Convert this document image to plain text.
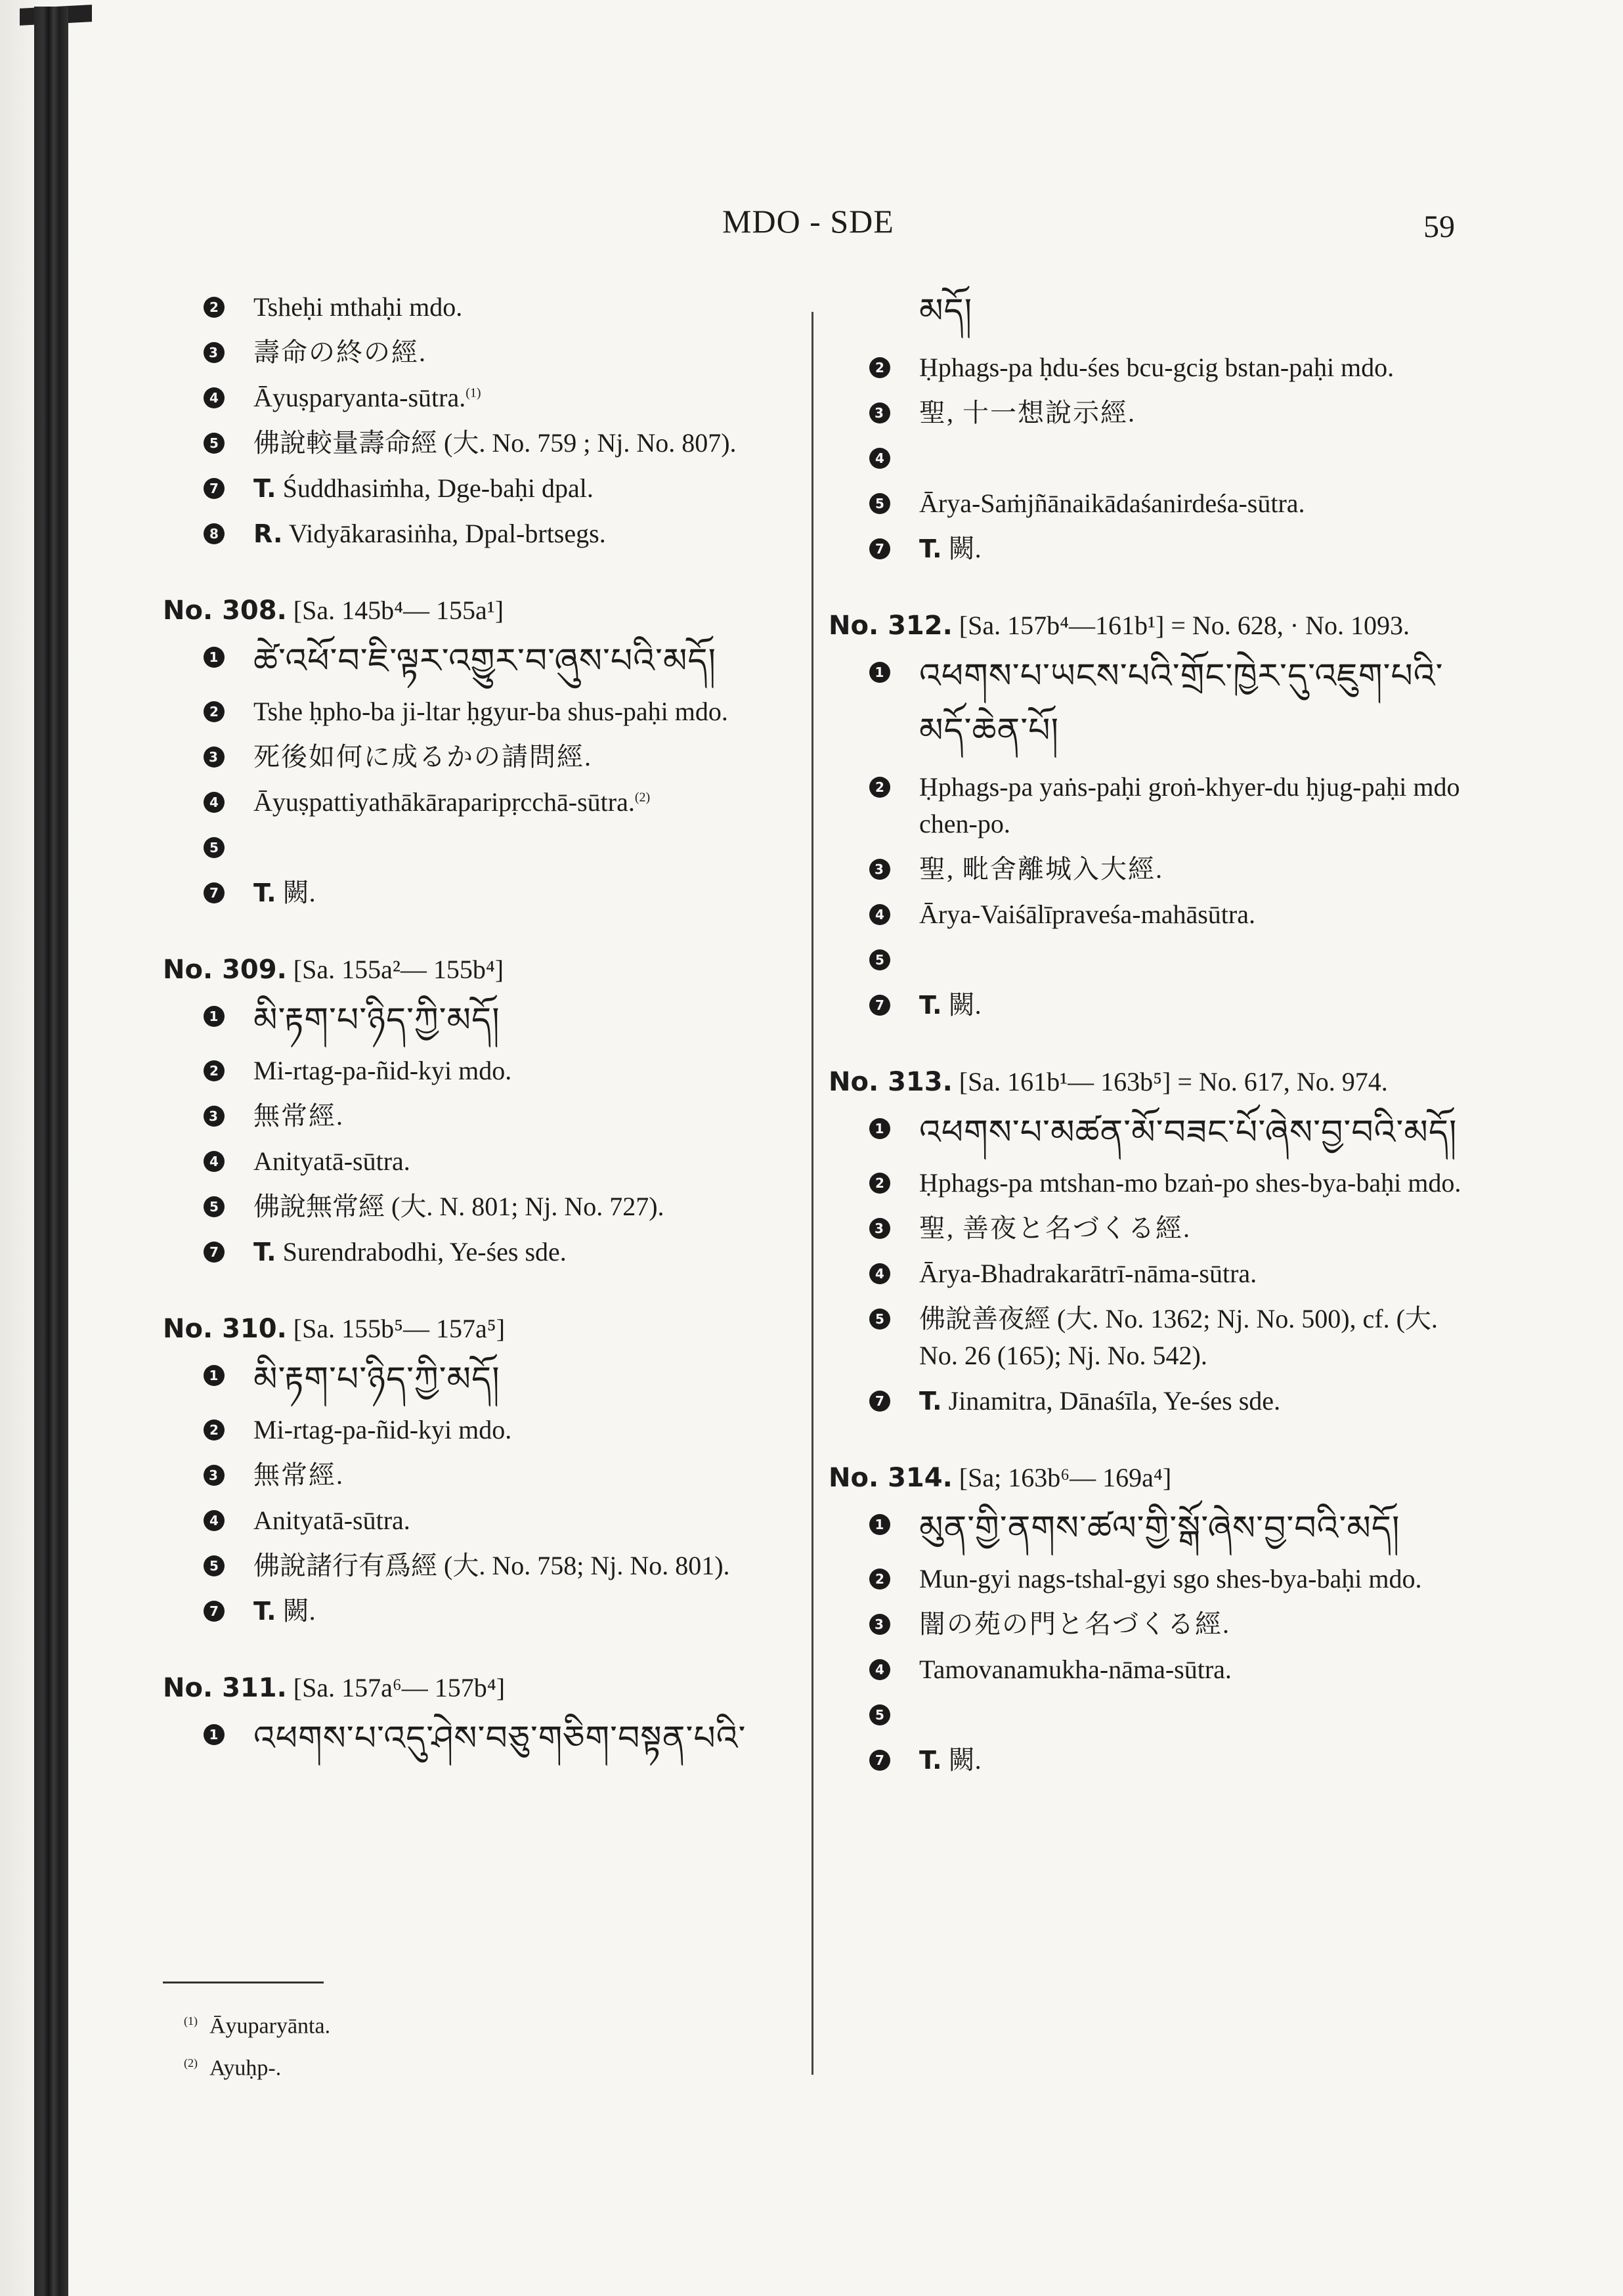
MDO - SDE	59
2 Tsheḥi mthaḥi mdo.
3 壽命の終の經.
4 Āyuṣparyanta-sūtra.$^{(1)}$
5 佛說較量壽命經 (大. No. 759 ; Nj. No. 807).
7 T. Śuddhasiṁha, Dge-baḥi dpal.
8 R. Vidyākarasiṅha, Dpal-brtsegs.
No. 308. [Sa. 145b⁴— 155a¹]
1 ཚེ་འཕོ་བ་ཇི་ལྟར་འགྱུར་བ་ཞུས་པའི་མདོ།
2 Tshe ḥpho-ba ji-ltar ḥgyur-ba shus-paḥi mdo.
3 死後如何に成るかの請問經.
4 Āyuṣpattiyathākāraparipṛcchā-sūtra.$^{(2)}$
5
7 T. 闕.
No. 309. [Sa. 155a²— 155b⁴]
1 མི་རྟག་པ་ཉིད་ཀྱི་མདོ།
2 Mi-rtag-pa-ñid-kyi mdo.
3 無常經.
4 Anityatā-sūtra.
5 佛說無常經 (大. N. 801; Nj. No. 727).
7 T. Surendrabodhi, Ye-śes sde.
No. 310. [Sa. 155b⁵— 157a⁵]
1 མི་རྟག་པ་ཉིད་ཀྱི་མདོ།
2 Mi-rtag-pa-ñid-kyi mdo.
3 無常經.
4 Anityatā-sūtra.
5 佛說諸行有爲經 (大. No. 758; Nj. No. 801).
7 T. 闕.
No. 311. [Sa. 157a⁶— 157b⁴]
1 འཕགས་པ་འདུ་ཤེས་བཅུ་གཅིག་བསྟན་པའི་
$^{(1)}$ Āyuparyānta.
$^{(2)}$ Ayuḥp-.
མདོ།
2 Ḥphags-pa ḥdu-śes bcu-gcig bstan-paḥi mdo.
3 聖, 十一想說示經.
4
5 Ārya-Saṁjñānaikādaśanirdeśa-sūtra.
7 T. 闕.
No. 312. [Sa. 157b⁴—161b¹] = No. 628, · No. 1093.
1 འཕགས་པ་ཡངས་པའི་གྲོང་ཁྱེར་དུ་འཇུག་པའི་
མདོ་ཆེན་པོ།
2 Ḥphags-pa yaṅs-paḥi groṅ-khyer-du ḥjug-paḥi mdo chen-po.
3 聖, 毗舍離城入大經.
4 Ārya-Vaiśālīpraveśa-mahāsūtra.
5
7 T. 闕.
No. 313. [Sa. 161b¹— 163b⁵] = No. 617, No. 974.
1 འཕགས་པ་མཚན་མོ་བཟང་པོ་ཞེས་བྱ་བའི་མདོ།
2 Ḥphags-pa mtshan-mo bzaṅ-po shes-bya-baḥi mdo.
3 聖, 善夜と名づくる經.
4 Ārya-Bhadrakarātrī-nāma-sūtra.
5 佛說善夜經 (大. No. 1362; Nj. No. 500), cf. (大. No. 26 (165); Nj. No. 542).
7 T. Jinamitra, Dānaśīla, Ye-śes sde.
No. 314. [Sa; 163b⁶— 169a⁴]
1 མུན་གྱི་ནགས་ཚལ་གྱི་སྒོ་ཞེས་བྱ་བའི་མདོ།
2 Mun-gyi nags-tshal-gyi sgo shes-bya-baḥi mdo.
3 闇の苑の門と名づくる經.
4 Tamovanamukha-nāma-sūtra.
5
7 T. 闕.
